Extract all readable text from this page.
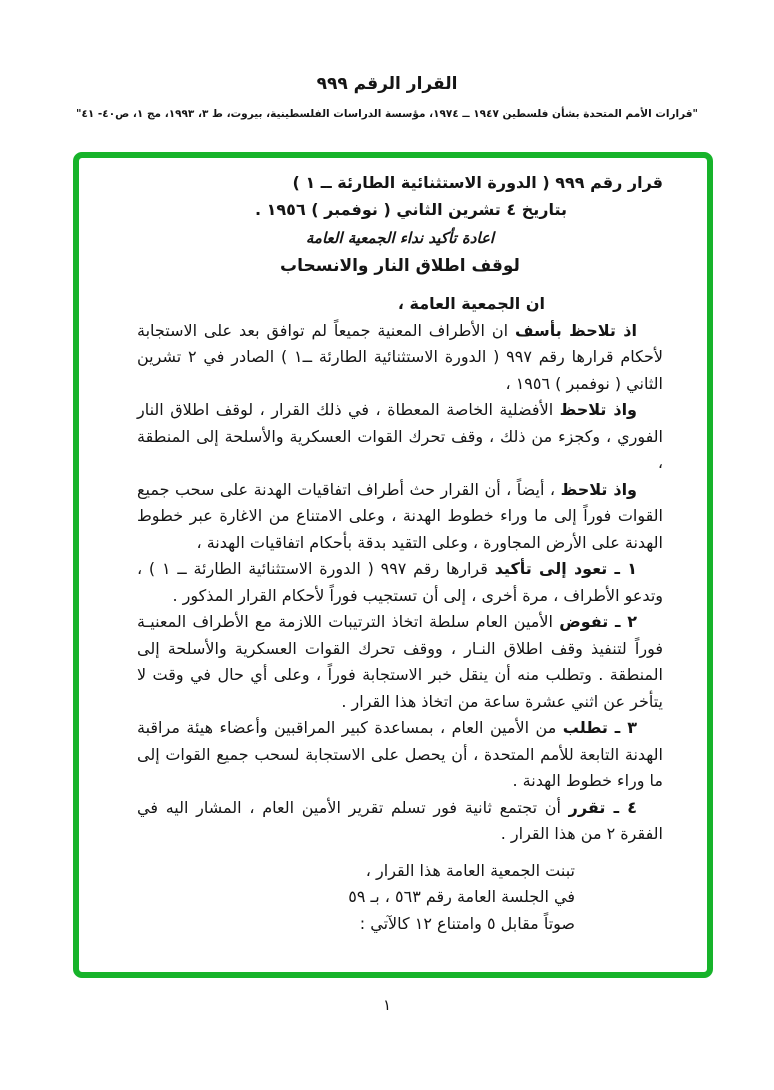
القرار الرقم ٩٩٩
"قرارات الأمم المتحدة بشأن فلسطين ١٩٤٧ ــ ١٩٧٤، مؤسسة الدراسات الفلسطينية، بيروت، ط ٣، ١٩٩٣، مج ١، ص٤٠- ٤١"

قرار رقم ٩٩٩ ( الدورة الاستثنائية الطارئة ــ ١ ) بتاريخ ٤ تشرين الثاني ( نوفمبر ) ١٩٥٦ .

اعادة تأكيد نداء الجمعية العامة

لوقف اطلاق النار والانسحاب

ان الجمعية العامة ،

اذ تلاحظ بأسف ان الأطراف المعنية جميعاً لم توافق بعد على الاستجابة لأحكام قرارها رقم ٩٩٧ ( الدورة الاستثنائية الطارئة ــ١ ) الصادر في ٢ تشرين الثاني ( نوفمبر ) ١٩٥٦ ،

واذ تلاحظ الأفضلية الخاصة المعطاة ، في ذلك القرار ، لوقف اطلاق النار الفوري ، وكجزء من ذلك ، وقف تحرك القوات العسكرية والأسلحة إلى المنطقة ،

واذ تلاحظ ، أيضاً ، أن القرار حث أطراف اتفاقيات الهدنة على سحب جميع القوات فوراً إلى ما وراء خطوط الهدنة ، وعلى الامتناع من الاغارة عبر خطوط الهدنة على الأرض المجاورة ، وعلى التقيد بدقة بأحكام اتفاقيات الهدنة ،

١ ـ تعود إلى تأكيد قرارها رقم ٩٩٧ ( الدورة الاستثنائية الطارئة ــ ١ ) ، وتدعو الأطراف ، مرة أخرى ، إلى أن تستجيب فوراً لأحكام القرار المذكور .

٢ ـ تفوض الأمين العام سلطة اتخاذ الترتيبات اللازمة مع الأطراف المعنيـة فوراً لتنفيذ وقف اطلاق النـار ، ووقف تحرك القوات العسكرية والأسلحة إلى المنطقة . وتطلب منه أن ينقل خبر الاستجابة فوراً ، وعلى أي حال في وقت لا يتأخر عن اثني عشرة ساعة من اتخاذ هذا القرار .

٣ ـ تطلب من الأمين العام ، بمساعدة كبير المراقبين وأعضاء هيئة مراقبة الهدنة التابعة للأمم المتحدة ، أن يحصل على الاستجابة لسحب جميع القوات إلى ما وراء خطوط الهدنة .

٤ ـ تقرر أن تجتمع ثانية فور تسلم تقرير الأمين العام ، المشار اليه في الفقرة ٢ من هذا القرار .

تبنت الجمعية العامة هذا القرار ،
في الجلسة العامة رقم ٥٦٣ ، بـ ٥٩
صوتاً مقابل ٥ وامتناع ١٢ كالآتي :
١
